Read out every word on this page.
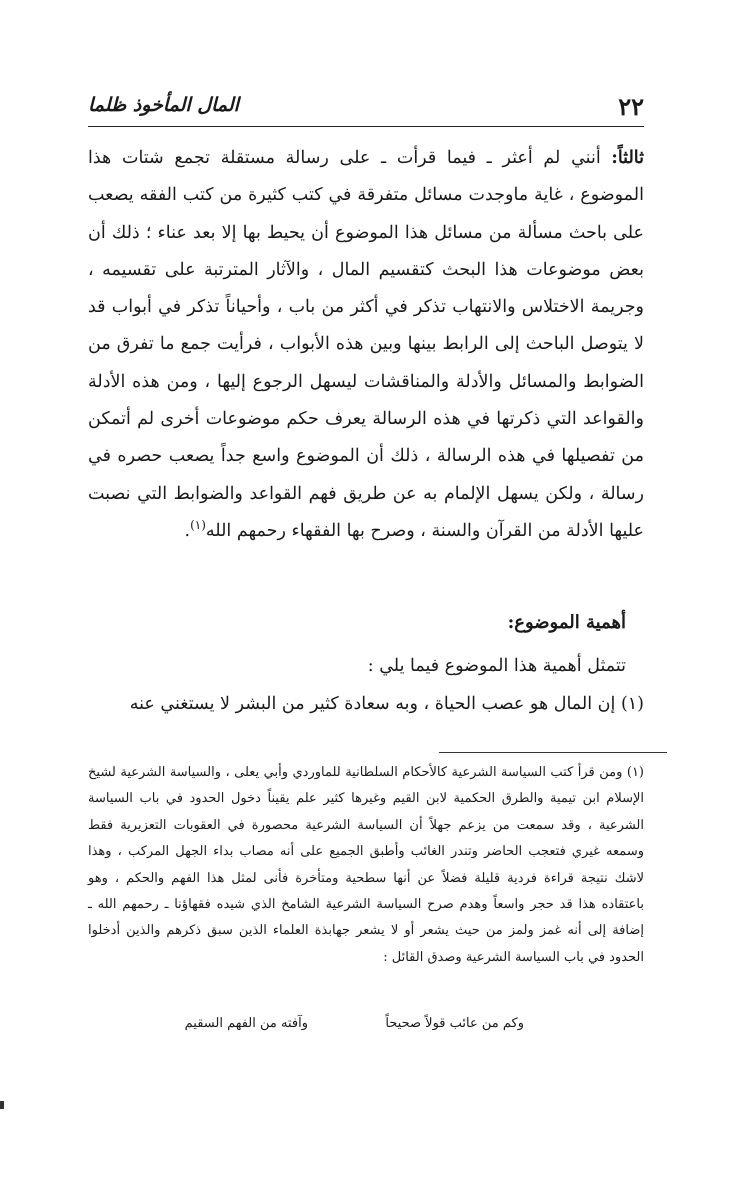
٢٢
المال المأخوذ ظلما

ثالثاً: أنني لم أعثر ـ فيما قرأت ـ على رسالة مستقلة تجمع شتات هذا الموضوع ، غاية ماوجدت مسائل متفرقة في كتب كثيرة من كتب الفقه يصعب على باحث مسألة من مسائل هذا الموضوع أن يحيط بها إلا بعد عناء ؛ ذلك أن بعض موضوعات هذا البحث كتقسيم المال ، والآثار المترتبة على تقسيمه ، وجريمة الاختلاس والانتهاب تذكر في أكثر من باب ، وأحياناً تذكر في أبواب قد لا يتوصل الباحث إلى الرابط بينها وبين هذه الأبواب ، فرأيت جمع ما تفرق من الضوابط والمسائل والأدلة والمناقشات ليسهل الرجوع إليها ، ومن هذه الأدلة والقواعد التي ذكرتها في هذه الرسالة يعرف حكم موضوعات أخرى لم أتمكن من تفصيلها في هذه الرسالة ، ذلك أن الموضوع واسع جداً يصعب حصره في رسالة ، ولكن يسهل الإلمام به عن طريق فهم القواعد والضوابط التي نصبت عليها الأدلة من القرآن والسنة ، وصرح بها الفقهاء رحمهم الله$^{(١)}$.

أهمية الموضوع:
تتمثل أهمية هذا الموضوع فيما يلي :
(١) إن المال هو عصب الحياة ، وبه سعادة كثير من البشر لا يستغني عنه

(١) ومن قرأ كتب السياسة الشرعية كالأحكام السلطانية للماوردي وأبي يعلى ، والسياسة الشرعية لشيخ الإسلام ابن تيمية والطرق الحكمية لابن القيم وغيرها كثير علم يقيناً دخول الحدود في باب السياسة الشرعية ، وقد سمعت من يزعم جهلاً أن السياسة الشرعية محصورة في العقوبات التعزيرية فقط وسمعه غيري فتعجب الحاضر وتندر الغائب وأطبق الجميع على أنه مصاب بداء الجهل المركب ، وهذا لاشك نتيجة قراءة فردية قليلة فضلاً عن أنها سطحية ومتأخرة فأنى لمثل هذا الفهم والحكم ، وهو باعتقاده هذا قد حجر واسعاً وهدم صرح السياسة الشرعية الشامخ الذي شيده فقهاؤنا ـ رحمهم الله ـ إضافة إلى أنه غمز ولمز من حيث يشعر أو لا يشعر جهابذة العلماء الذين سبق ذكرهم والذين أدخلوا الحدود في باب السياسة الشرعية وصدق القائل :

وكم من عائب قولاً صحيحاً
وآفته من الفهم السقيم
